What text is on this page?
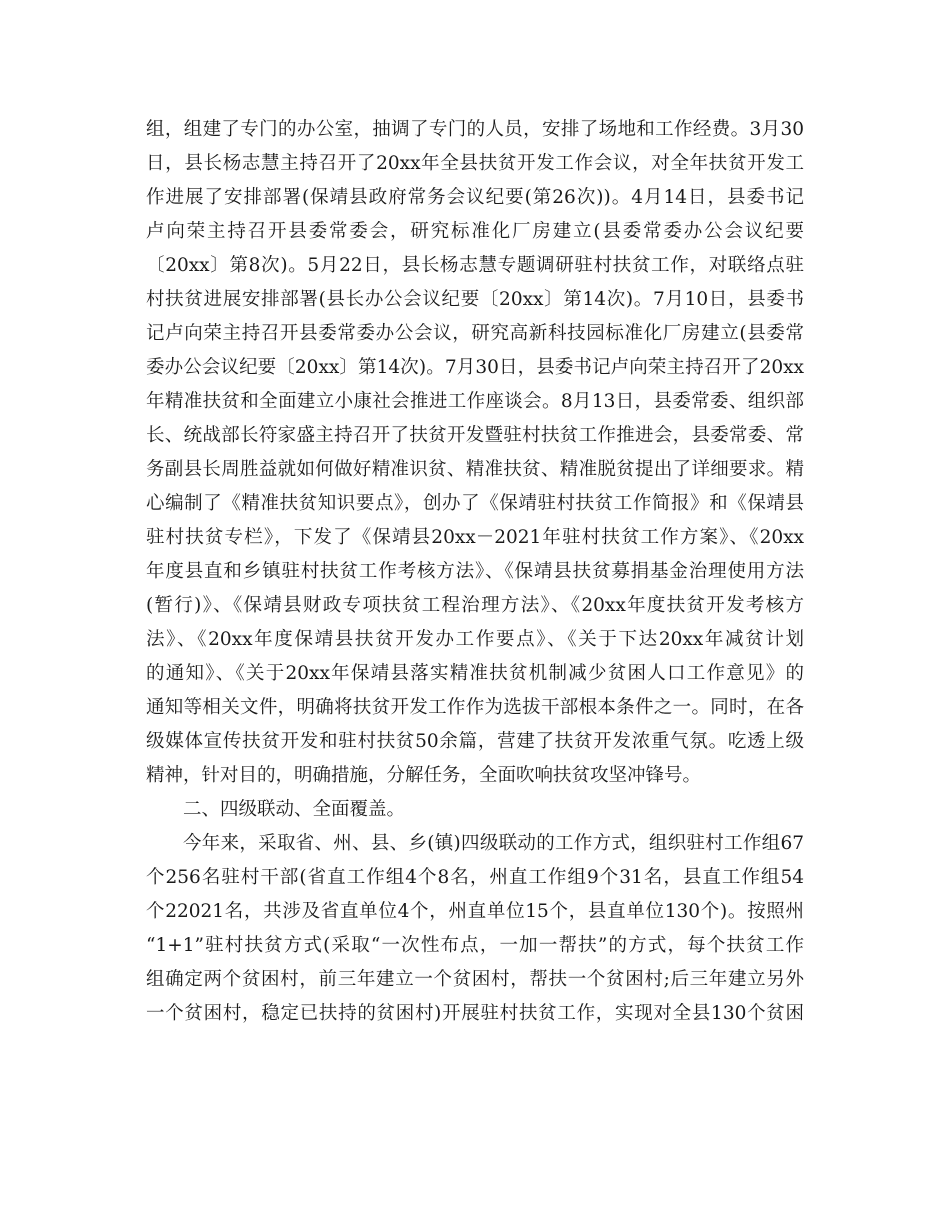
组，组建了专门的办公室，抽调了专门的人员，安排了场地和工作经费。3月30
日，县长杨志慧主持召开了20xx年全县扶贫开发工作会议，对全年扶贫开发工
作进展了安排部署(保靖县政府常务会议纪要(第26次))。4月14日，县委书记
卢向荣主持召开县委常委会，研究标准化厂房建立(县委常委办公会议纪要
〔20xx〕第8次)。5月22日，县长杨志慧专题调研驻村扶贫工作，对联络点驻
村扶贫进展安排部署(县长办公会议纪要〔20xx〕第14次)。7月10日，县委书
记卢向荣主持召开县委常委办公会议，研究高新科技园标准化厂房建立(县委常
委办公会议纪要〔20xx〕第14次)。7月30日，县委书记卢向荣主持召开了20xx
年精准扶贫和全面建立小康社会推进工作座谈会。8月13日，县委常委、组织部
长、统战部长符家盛主持召开了扶贫开发暨驻村扶贫工作推进会，县委常委、常
务副县长周胜益就如何做好精准识贫、精准扶贫、精准脱贫提出了详细要求。精
心编制了《精准扶贫知识要点》，创办了《保靖驻村扶贫工作简报》和《保靖县
驻村扶贫专栏》，下发了《保靖县20xx－2021年驻村扶贫工作方案》、《20xx
年度县直和乡镇驻村扶贫工作考核方法》、《保靖县扶贫募捐基金治理使用方法
(暂行)》、《保靖县财政专项扶贫工程治理方法》、《20xx年度扶贫开发考核方
法》、《20xx年度保靖县扶贫开发办工作要点》、《关于下达20xx年减贫计划
的通知》、《关于20xx年保靖县落实精准扶贫机制减少贫困人口工作意见》的
通知等相关文件，明确将扶贫开发工作作为选拔干部根本条件之一。同时，在各
级媒体宣传扶贫开发和驻村扶贫50余篇，营建了扶贫开发浓重气氛。吃透上级
精神，针对目的，明确措施，分解任务，全面吹响扶贫攻坚冲锋号。
二、四级联动、全面覆盖。
今年来，采取省、州、县、乡(镇)四级联动的工作方式，组织驻村工作组67
个256名驻村干部(省直工作组4个8名，州直工作组9个31名，县直工作组54
个22021名，共涉及省直单位4个，州直单位15个，县直单位130个)。按照州
“1+1”驻村扶贫方式(采取“一次性布点，一加一帮扶”的方式，每个扶贫工作
组确定两个贫困村，前三年建立一个贫困村，帮扶一个贫困村;后三年建立另外
一个贫困村，稳定已扶持的贫困村)开展驻村扶贫工作，实现对全县130个贫困
